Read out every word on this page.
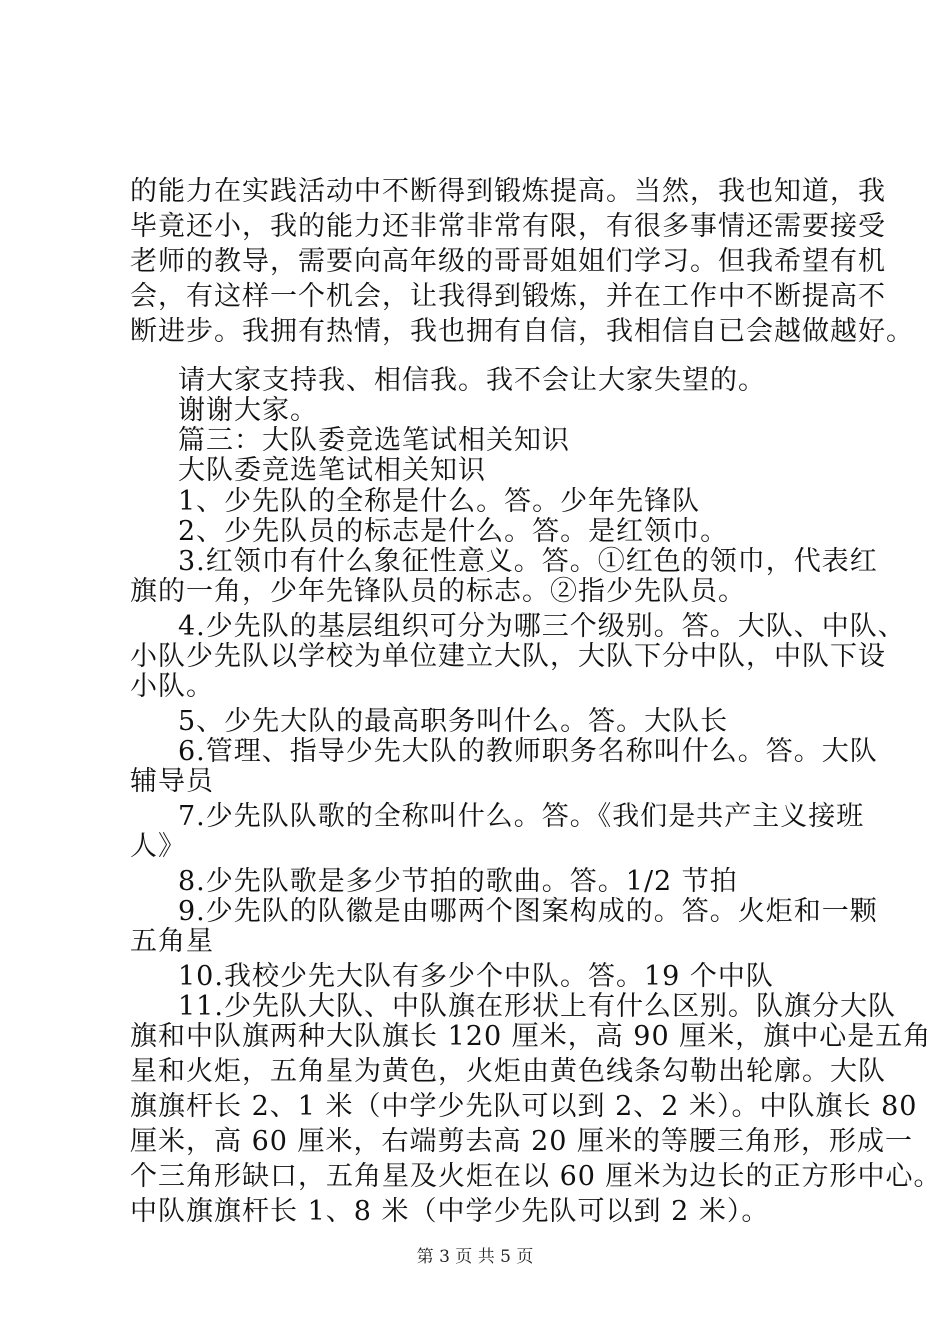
的能力在实践活动中不断得到锻炼提高。当然，我也知道，我
毕竟还小，我的能力还非常非常有限，有很多事情还需要接受
老师的教导，需要向高年级的哥哥姐姐们学习。但我希望有机
会，有这样一个机会，让我得到锻炼，并在工作中不断提高不
断进步。我拥有热情，我也拥有自信，我相信自已会越做越好。
请大家支持我、相信我。我不会让大家失望的。
谢谢大家。
篇三：大队委竞选笔试相关知识
大队委竞选笔试相关知识
1、少先队的全称是什么。答。少年先锋队
2、少先队员的标志是什么。答。是红领巾。
3.红领巾有什么象征性意义。答。①红色的领巾，代表红
旗的一角，少年先锋队员的标志。②指少先队员。
4.少先队的基层组织可分为哪三个级别。答。大队、中队、
小队少先队以学校为单位建立大队，大队下分中队，中队下设
小队。
5、少先大队的最高职务叫什么。答。大队长
6.管理、指导少先大队的教师职务名称叫什么。答。大队
辅导员
7.少先队队歌的全称叫什么。答。《我们是共产主义接班
人》
8.少先队歌是多少节拍的歌曲。答。1/2 节拍
9.少先队的队徽是由哪两个图案构成的。答。火炬和一颗
五角星
10.我校少先大队有多少个中队。答。19 个中队
11.少先队大队、中队旗在形状上有什么区别。队旗分大队
旗和中队旗两种大队旗长 120 厘米，高 90 厘米，旗中心是五角
星和火炬，五角星为黄色，火炬由黄色线条勾勒出轮廓。大队
旗旗杆长 2、1 米（中学少先队可以到 2、2 米）。中队旗长 80
厘米，高 60 厘米，右端剪去高 20 厘米的等腰三角形，形成一
个三角形缺口，五角星及火炬在以 60 厘米为边长的正方形中心。
中队旗旗杆长 1、8 米（中学少先队可以到 2 米）。
第 3 页 共 5 页
